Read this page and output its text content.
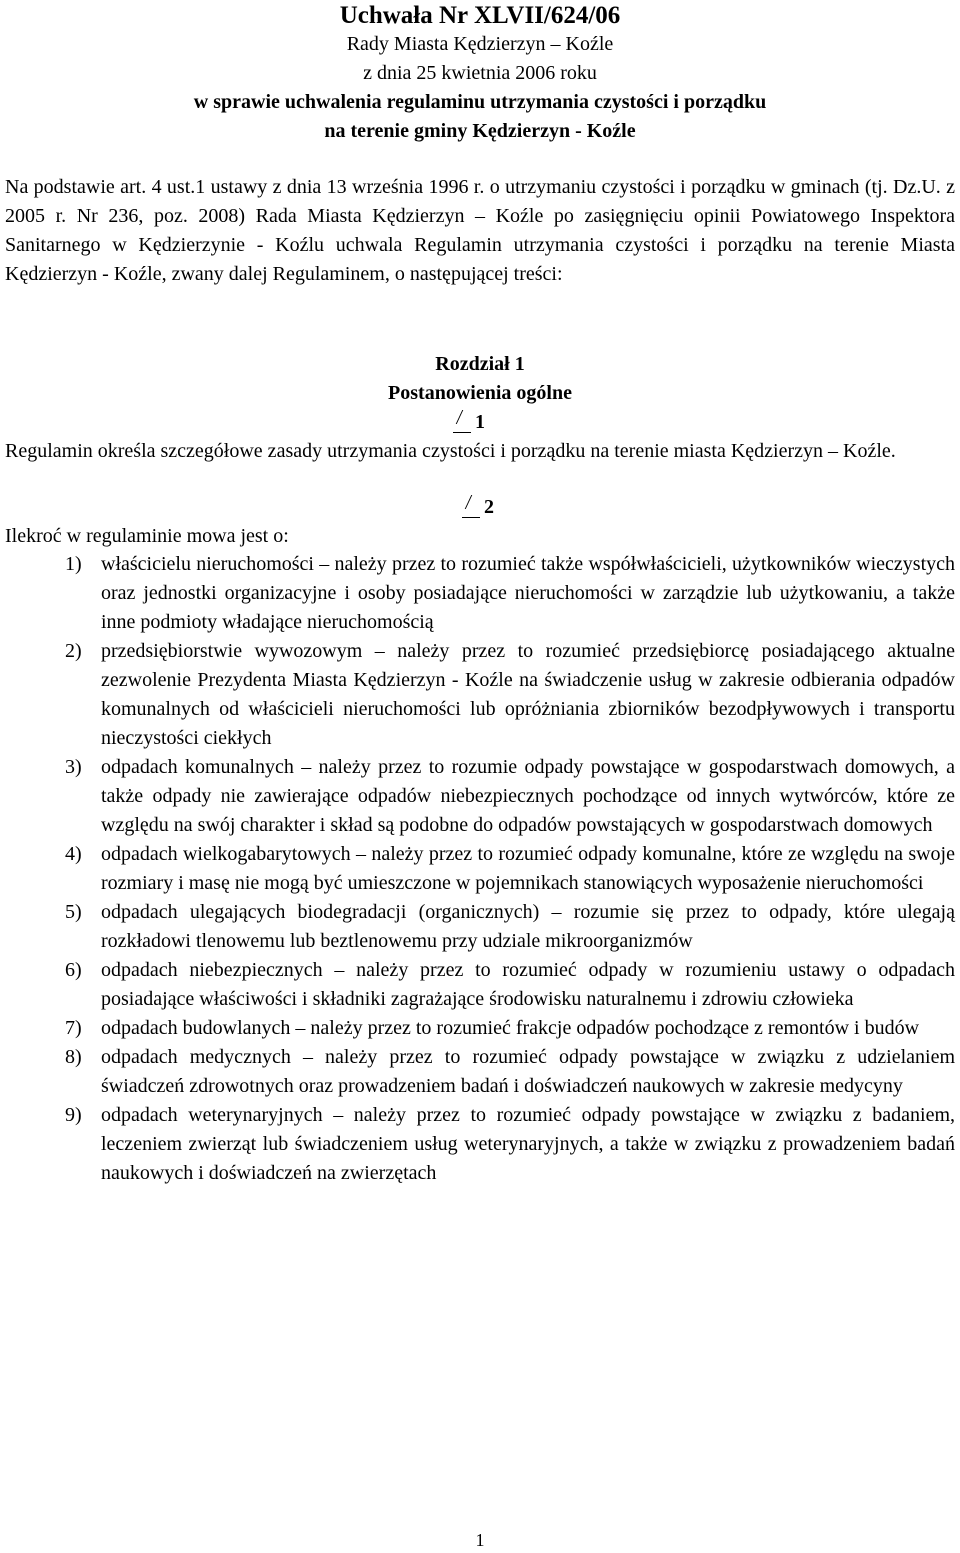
Uchwała Nr XLVII/624/06

Rady Miasta Kędzierzyn – Koźle

z dnia 25 kwietnia 2006 roku

w sprawie uchwalenia regulaminu utrzymania czystości i porządku

na terenie gminy Kędzierzyn - Koźle

Na podstawie art. 4 ust.1 ustawy z dnia 13 września 1996 r. o utrzymaniu czystości i porządku w gminach (tj. Dz.U. z 2005 r. Nr 236, poz. 2008) Rada Miasta Kędzierzyn – Koźle po zasięgnięciu opinii Powiatowego Inspektora Sanitarnego w Kędzierzynie - Koźlu uchwala Regulamin utrzymania czystości i porządku na terenie Miasta Kędzierzyn - Koźle, zwany dalej Regulaminem, o następującej treści:
Rozdział 1
Postanowienia ogólne
1
Regulamin określa szczegółowe zasady utrzymania czystości i porządku na terenie miasta Kędzierzyn – Koźle.
2
Ilekroć w regulaminie mowa jest o:
1) właścicielu nieruchomości – należy przez to rozumieć także współwłaścicieli, użytkowników wieczystych oraz jednostki organizacyjne i osoby posiadające nieruchomości w zarządzie lub użytkowaniu, a także inne podmioty władające nieruchomością
2) przedsiębiorstwie wywozowym – należy przez to rozumieć przedsiębiorcę posiadającego aktualne zezwolenie Prezydenta Miasta Kędzierzyn - Koźle na świadczenie usług w zakresie odbierania odpadów komunalnych od właścicieli nieruchomości lub opróżniania zbiorników bezodpływowych i transportu nieczystości ciekłych
3) odpadach komunalnych – należy przez to rozumie odpady powstające w gospodarstwach domowych, a także odpady nie zawierające odpadów niebezpiecznych pochodzące od innych wytwórców, które ze względu na swój charakter i skład są podobne do odpadów powstających w gospodarstwach domowych
4) odpadach wielkogabarytowych – należy przez to rozumieć odpady komunalne, które ze względu na swoje rozmiary i masę nie mogą być umieszczone w pojemnikach stanowiących wyposażenie nieruchomości
5) odpadach ulegających biodegradacji (organicznych) – rozumie się przez to odpady, które ulegają rozkładowi tlenowemu lub beztlenowemu przy udziale mikroorganizmów
6) odpadach niebezpiecznych – należy przez to rozumieć odpady w rozumieniu ustawy o odpadach posiadające właściwości i składniki zagrażające środowisku naturalnemu i zdrowiu człowieka
7) odpadach budowlanych – należy przez to rozumieć frakcje odpadów pochodzące z remontów i budów
8) odpadach medycznych – należy przez to rozumieć odpady powstające w związku z udzielaniem świadczeń zdrowotnych oraz prowadzeniem badań i doświadczeń naukowych w zakresie medycyny
9) odpadach weterynaryjnych – należy przez to rozumieć odpady powstające w związku z badaniem, leczeniem zwierząt lub świadczeniem usług weterynaryjnych, a także w związku z prowadzeniem badań naukowych i doświadczeń na zwierzętach
1
